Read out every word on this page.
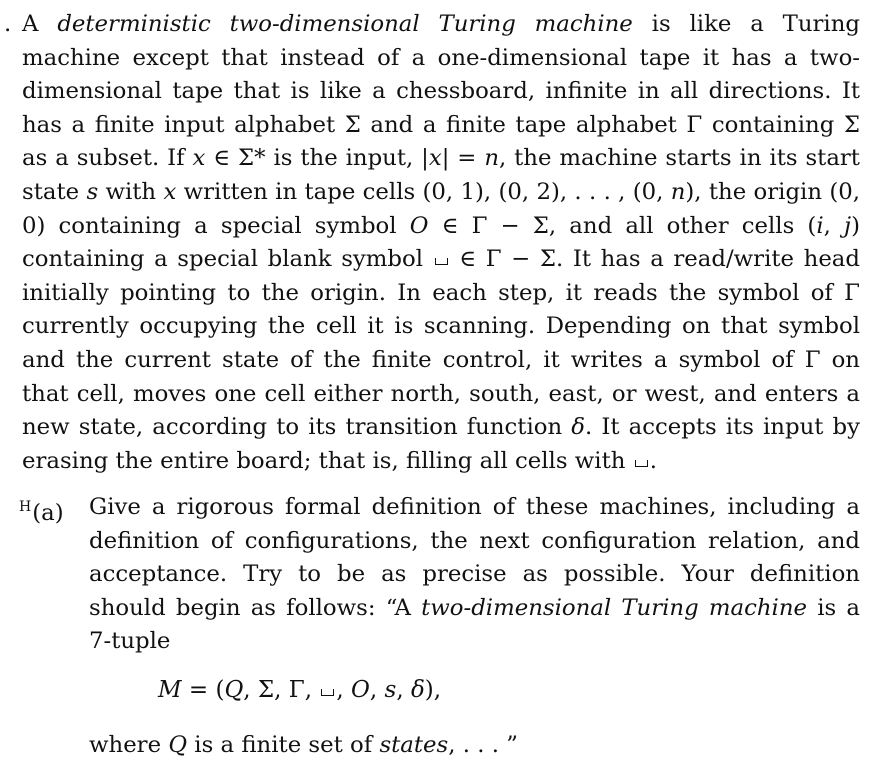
. A deterministic two-dimensional Turing machine is like a Turing machine except that instead of a one-dimensional tape it has a two-dimensional tape that is like a chessboard, infinite in all directions. It has a finite input alphabet Σ and a finite tape alphabet Γ containing Σ as a subset. If x ∈ Σ* is the input, |x| = n, the machine starts in its start state s with x written in tape cells (0, 1), (0, 2), . . . , (0, n), the origin (0, 0) containing a special symbol O ∈ Γ − Σ, and all other cells (i, j) containing a special blank symbol  ∈ Γ − Σ. It has a read/write head initially pointing to the origin. In each step, it reads the symbol of Γ currently occupying the cell it is scanning. Depending on that symbol and the current state of the finite control, it writes a symbol of Γ on that cell, moves one cell either north, south, east, or west, and enters a new state, according to its transition function δ. It accepts its input by erasing the entire board; that is, filling all cells with .

$^H$(a) Give a rigorous formal definition of these machines, including a definition of configurations, the next configuration relation, and acceptance. Try to be as precise as possible. Your definition should begin as follows: “A two-dimensional Turing machine is a 7-tuple

M = (Q, Σ, Γ, , O, s, δ),
where Q is a finite set of states, . . . ”
